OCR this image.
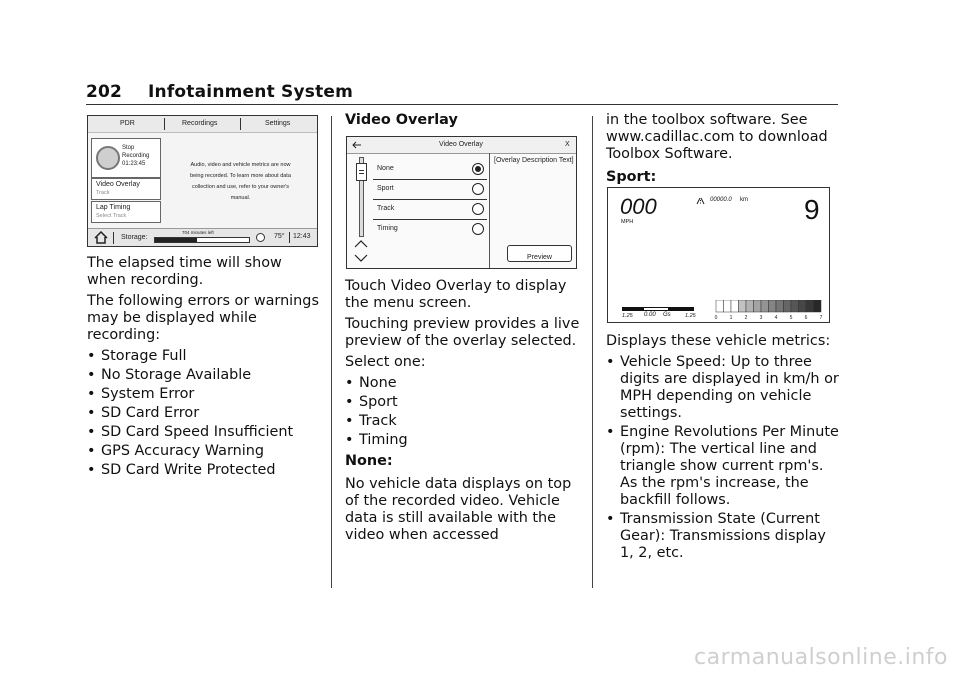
202 Infotainment System
PDR	Recordings	Settings
Stop
Recording
01:23:45
Video Overlay
Track
Lap Timing
Select Track
Audio, video and vehicle metrics are now
being recorded. To learn more about data
collection and use, refer to your owner's
manual.
Storage:
704 minutes left
75° 12:43

The elapsed time will show when recording.

The following errors or warnings may be displayed while recording:

• Storage Full
• No Storage Available
• System Error
• SD Card Error
• SD Card Speed Insufficient
• GPS Accuracy Warning
• SD Card Write Protected
Video Overlay
Video Overlay	X
None
Sport
Track
Timing
[Overlay Description Text]
Preview

Touch Video Overlay to display the menu screen.

Touching preview provides a live preview of the overlay selected.

Select one:

• None
• Sport
• Track
• Timing
None:

No vehicle data displays on top of the recorded video. Vehicle data is still available with the video when accessed

in the toolbox software. See www.cadillac.com to download Toolbox Software.

Sport:
000
MPH
00000.0 km 9
1.25 0.00 Gs	1.25	0 1 2 3 4 5 6 7

Displays these vehicle metrics:

• Vehicle Speed: Up to three digits are displayed in km/h or MPH depending on vehicle settings.
• Engine Revolutions Per Minute (rpm): The vertical line and triangle show current rpm's. As the rpm's increase, the backfill follows.
• Transmission State (Current Gear): Transmissions display 1, 2, etc.
carmanualsonline.info
